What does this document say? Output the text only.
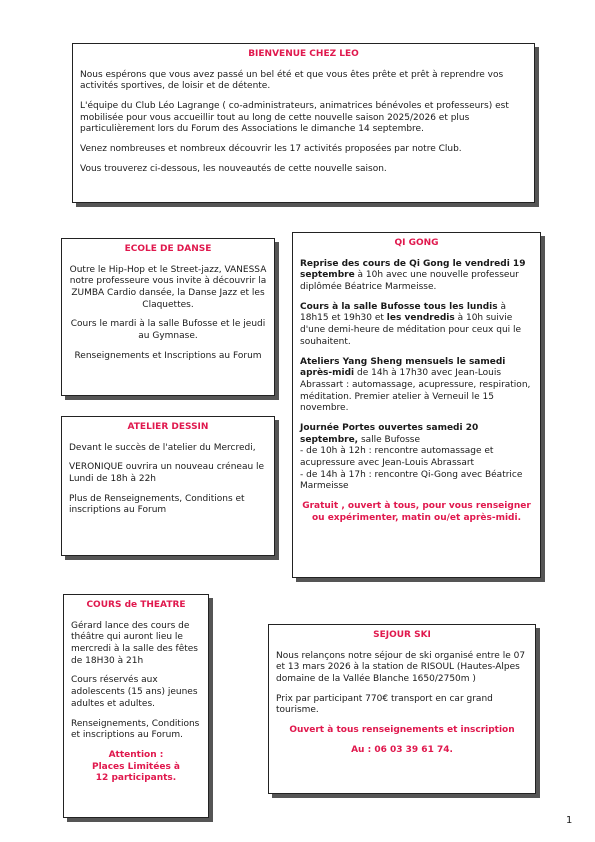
BIENVENUE CHEZ LEO

Nous espérons que vous avez passé un bel été et que vous êtes prête et prêt à reprendre vos activités sportives, de loisir et de détente.

L'équipe du Club Léo Lagrange ( co-administrateurs, animatrices bénévoles et professeurs) est mobilisée pour vous accueillir tout au long de cette nouvelle saison 2025/2026 et plus particulièrement lors du Forum des Associations le dimanche 14 septembre.

Venez nombreuses et nombreux découvrir les 17 activités proposées par notre Club.

Vous trouverez ci-dessous, les nouveautés de cette nouvelle saison.

ECOLE DE DANSE

Outre le Hip-Hop et le Street-jazz, VANESSA notre professeure vous invite à découvrir la ZUMBA Cardio dansée, la Danse Jazz et les Claquettes.

Cours le mardi à la salle Bufosse et le jeudi au Gymnase.

Renseignements et Inscriptions au Forum

ATELIER DESSIN

Devant le succès de l'atelier du Mercredi,

VERONIQUE ouvrira un nouveau créneau le Lundi de 18h à 22h

Plus de Renseignements, Conditions et inscriptions au Forum

QI GONG

Reprise des cours de Qi Gong le vendredi 19 septembre à 10h avec une nouvelle professeur diplômée Béatrice Marmeisse.

Cours à la salle Bufosse tous les lundis à 18h15 et 19h30 et les vendredis à 10h suivie d'une demi-heure de méditation pour ceux qui le souhaitent.

Ateliers Yang Sheng mensuels le samedi après-midi de 14h à 17h30 avec Jean-Louis Abrassart : automassage, acupressure, respiration, méditation. Premier atelier à Verneuil le 15 novembre.

Journée Portes ouvertes samedi 20 septembre, salle Bufosse
- de 10h à 12h : rencontre automassage et acupressure avec Jean-Louis Abrassart
- de 14h à 17h : rencontre Qi-Gong avec Béatrice Marmeisse

Gratuit , ouvert à tous, pour vous renseigner ou expérimenter, matin ou/et après-midi.

COURS de THEATRE

Gérard lance des cours de théâtre qui auront lieu le mercredi à la salle des fêtes de 18H30 à 21h

Cours réservés aux adolescents (15 ans) jeunes adultes et adultes.

Renseignements, Conditions et inscriptions au Forum.

Attention :
Places Limitées à
12 participants.
SEJOUR SKI

Nous relançons notre séjour de ski organisé entre le 07 et 13 mars 2026 à la station de RISOUL (Hautes-Alpes domaine de la Vallée Blanche 1650/2750m )

Prix par participant 770€ transport en car grand tourisme.

Ouvert à tous renseignements et inscription

Au : 06 03 39 61 74.

1
